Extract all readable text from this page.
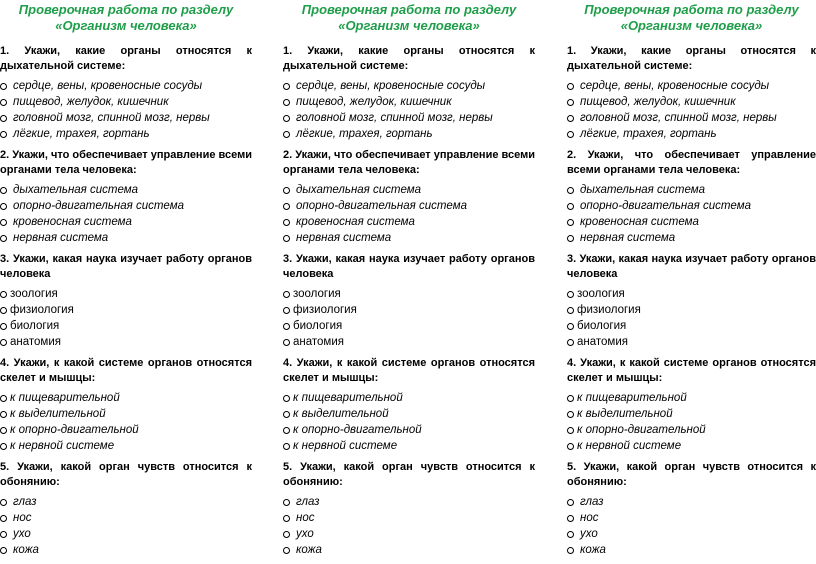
Проверочная работа по разделу
«Организм человека»
1. Укажи, какие органы относятся к
дыхательной системе:
сердце, вены, кровеносные сосуды
пищевод, желудок, кишечник
головной мозг, спинной мозг, нервы
лёгкие, трахея, гортань
2. Укажи, что обеспечивает управление всеми органами тела человека:
дыхательная система
опорно-двигательная система
кровеносная система
нервная система
3. Укажи, какая наука изучает работу органов человека
зоология
физиология
биология
анатомия
4. Укажи, к какой системе органов относятся скелет и мышцы:
к пищеварительной
к выделительной
к опорно-двигательной
к нервной системе
5. Укажи, какой орган чувств относится к обонянию:
глаз
нос
ухо
кожа
Проверочная работа по разделу
«Организм человека»
1. Укажи, какие органы относятся к
дыхательной системе:
сердце, вены, кровеносные сосуды
пищевод, желудок, кишечник
головной мозг, спинной мозг, нервы
лёгкие, трахея, гортань
2. Укажи, что обеспечивает управление всеми органами тела человека:
дыхательная система
опорно-двигательная система
кровеносная система
нервная система
3. Укажи, какая наука изучает работу органов человека
зоология
физиология
биология
анатомия
4. Укажи, к какой системе органов относятся скелет и мышцы:
к пищеварительной
к выделительной
к опорно-двигательной
к нервной системе
5. Укажи, какой орган чувств относится к обонянию:
глаз
нос
ухо
кожа
Проверочная работа по разделу
«Организм человека»
1. Укажи, какие органы относятся к
дыхательной системе:
сердце, вены, кровеносные сосуды
пищевод, желудок, кишечник
головной мозг, спинной мозг, нервы
лёгкие, трахея, гортань
2. Укажи, что обеспечивает управление всеми органами тела человека:
дыхательная система
опорно-двигательная система
кровеносная система
нервная система
3. Укажи, какая наука изучает работу органов человека
зоология
физиология
биология
анатомия
4. Укажи, к какой системе органов относятся скелет и мышцы:
к пищеварительной
к выделительной
к опорно-двигательной
к нервной системе
5. Укажи, какой орган чувств относится к обонянию:
глаз
нос
ухо
кожа
